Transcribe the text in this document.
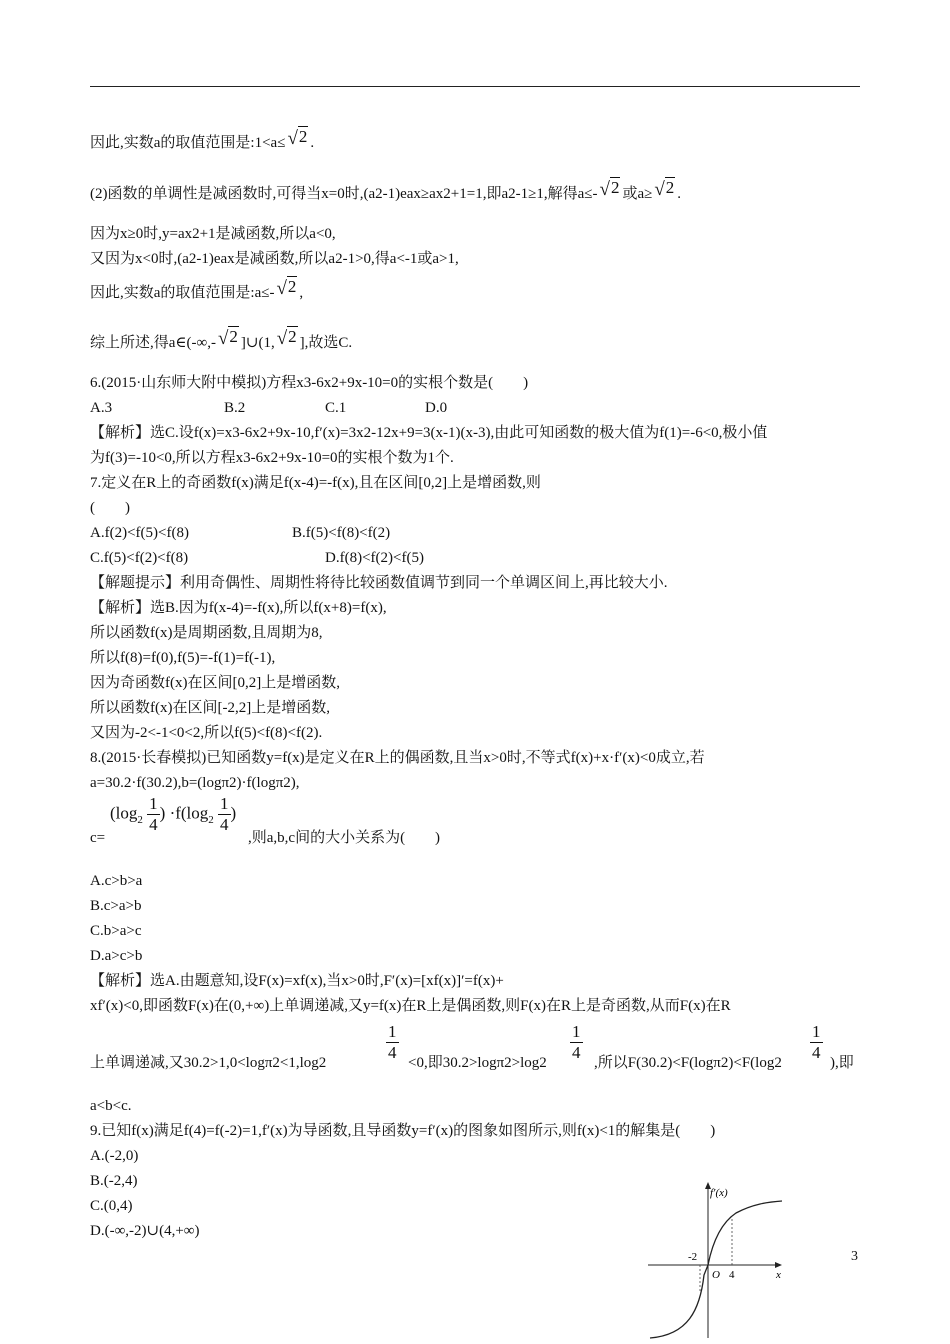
因此,实数a的取值范围是:1<a≤ √2 .
(2)函数的单调性是减函数时,可得当x=0时,(a2-1)eax≥ax2+1=1,即a2-1≥1,解得a≤- √2 或a≥ √2 .
因为x≥0时,y=ax2+1是减函数,所以a<0,
又因为x<0时,(a2-1)eax是减函数,所以a2-1>0,得a<-1或a>1,
因此,实数a的取值范围是:a≤- √2 ,
综上所述,得a∈(-∞,- √2 ]∪(1, √2 ],故选C.
6.(2015·山东师大附中模拟)方程x3-6x2+9x-10=0的实根个数是(　　)
A.3	B.2	C.1	D.0
【解析】选C.设f(x)=x3-6x2+9x-10,f′(x)=3x2-12x+9=3(x-1)(x-3),由此可知函数的极大值为f(1)=-6<0,极小值
为f(3)=-10<0,所以方程x3-6x2+9x-10=0的实根个数为1个.
7.定义在R上的奇函数f(x)满足f(x-4)=-f(x),且在区间[0,2]上是增函数,则
(　　)
A.f(2)<f(5)<f(8)	B.f(5)<f(8)<f(2)
C.f(5)<f(2)<f(8)	D.f(8)<f(2)<f(5)
【解题提示】利用奇偶性、周期性将待比较函数值调节到同一个单调区间上,再比较大小.
【解析】选B.因为f(x-4)=-f(x),所以f(x+8)=f(x),
所以函数f(x)是周期函数,且周期为8,
所以f(8)=f(0),f(5)=-f(1)=f(-1),
因为奇函数f(x)在区间[0,2]上是增函数,
所以函数f(x)在区间[-2,2]上是增函数,
又因为-2<-1<0<2,所以f(5)<f(8)<f(2).
8.(2015·长春模拟)已知函数y=f(x)是定义在R上的偶函数,且当x>0时,不等式f(x)+x·f′(x)<0成立,若
a=30.2·f(30.2),b=(logπ2)·f(logπ2),
c=
($\log_2 \frac{1}{4}$ ) $\cdot f(\log_2 \frac{1}{4}$ )
,则a,b,c间的大小关系为(　　)
A.c>b>a
B.c>a>b
C.b>a>c
D.a>c>b
【解析】选A.由题意知,设F(x)=xf(x),当x>0时,F′(x)=[xf(x)]′=f(x)+
xf′(x)<0,即函数F(x)在(0,+∞)上单调递减,又y=f(x)在R上是偶函数,则F(x)在R上是奇函数,从而F(x)在R
上单调递减,又30.2>1,0<logπ2<1,log2	$\frac{1}{4} <0$,即$30.2>\log\pi 2>\log 2 \frac{1}{4}$ ,所以$F(30.2)<F(\log\pi 2)<F(\log 2 \frac{1}{4}$ ),即
a<b<c.
9.已知f(x)满足f(4)=f(-2)=1,f′(x)为导函数,且导函数y=f′(x)的图象如图所示,则f(x)<1的解集是(　　)
A.(-2,0)
B.(-2,4)
C.(0,4)
D.(-∞,-2)∪(4,+∞)
f′(x)
x
O
-2
4
3
